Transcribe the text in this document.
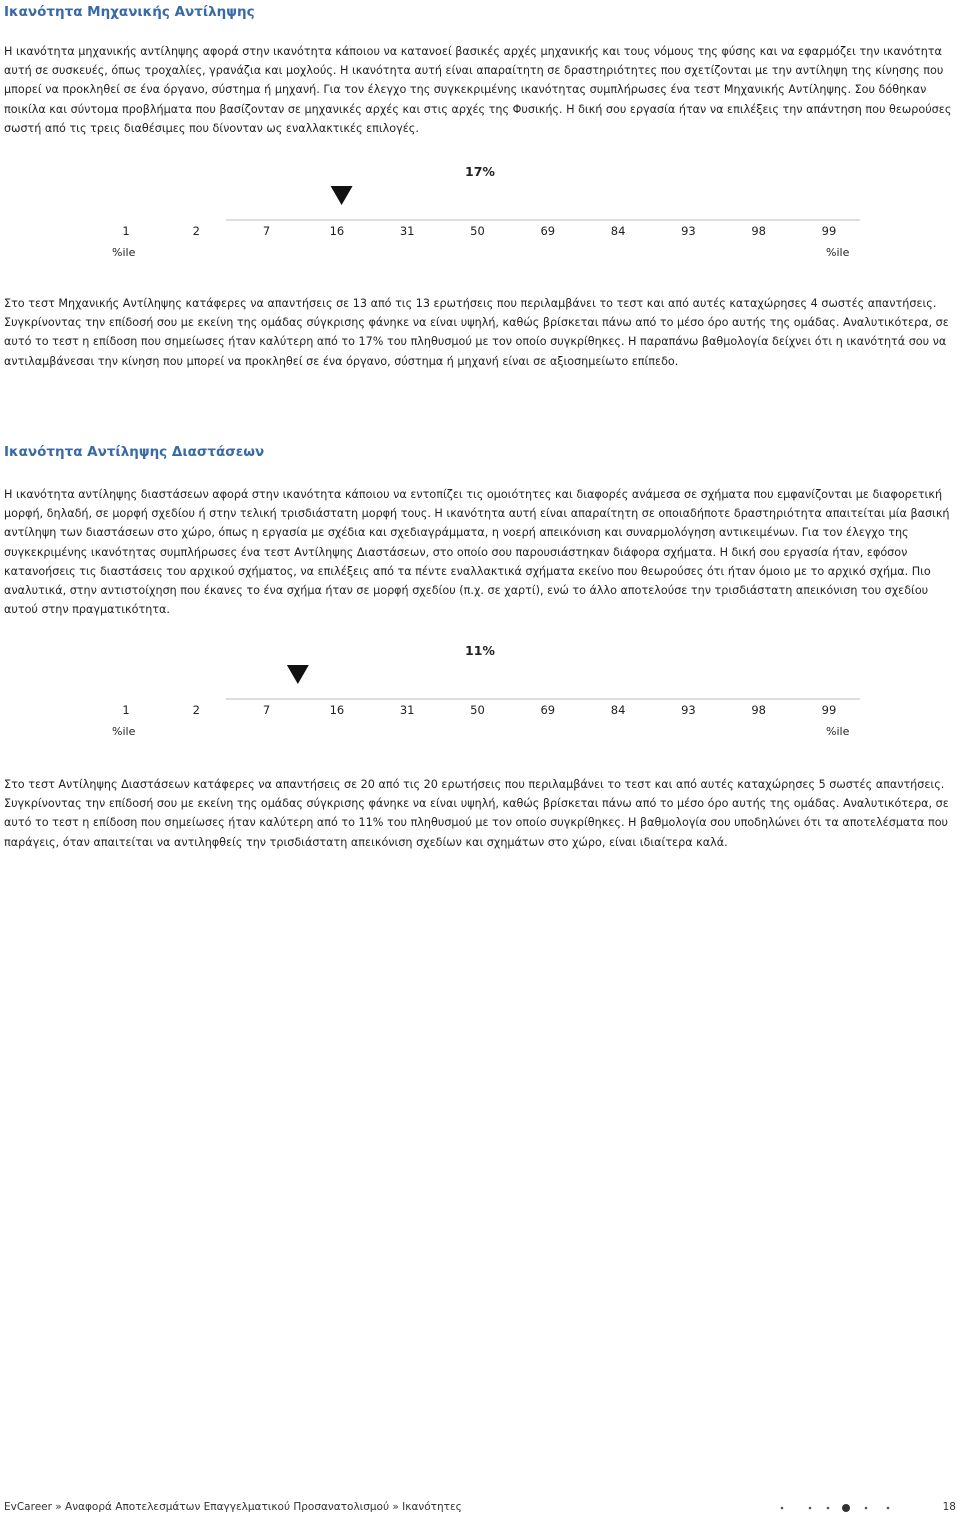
Ικανότητα Μηχανικής Αντίληψης

Η ικανότητα μηχανικής αντίληψης αφορά στην ικανότητα κάποιου να κατανοεί βασικές αρχές μηχανικής και τους νόμους της φύσης και να εφαρμόζει την ικανότητα αυτή σε συσκευές, όπως τροχαλίες, γρανάζια και μοχλούς. Η ικανότητα αυτή είναι απαραίτητη σε δραστηριότητες που σχετίζονται με την αντίληψη της κίνησης που μπορεί να προκληθεί σε ένα όργανο, σύστημα ή μηχανή. Για τον έλεγχο της συγκεκριμένης ικανότητας συμπλήρωσες ένα τεστ Μηχανικής Αντίληψης. Σου δόθηκαν ποικίλα και σύντομα προβλήματα που βασίζονταν σε μηχανικές αρχές και στις αρχές της Φυσικής. Η δική σου εργασία ήταν να επιλέξεις την απάντηση που θεωρούσες σωστή από τις τρεις διαθέσιμες που δίνονταν ως εναλλακτικές επιλογές.

17%
1	2	7	16	31	50	69	84	93	98	99
%ile	%ile

Στο τεστ Μηχανικής Αντίληψης κατάφερες να απαντήσεις σε 13 από τις 13 ερωτήσεις που περιλαμβάνει το τεστ και από αυτές καταχώρησες 4 σωστές απαντήσεις. Συγκρίνοντας την επίδοσή σου με εκείνη της ομάδας σύγκρισης φάνηκε να είναι υψηλή, καθώς βρίσκεται πάνω από το μέσο όρο αυτής της ομάδας. Αναλυτικότερα, σε αυτό το τεστ η επίδοση που σημείωσες ήταν καλύτερη από το 17% του πληθυσμού με τον οποίο συγκρίθηκες. Η παραπάνω βαθμολογία δείχνει ότι η ικανότητά σου να αντιλαμβάνεσαι την κίνηση που μπορεί να προκληθεί σε ένα όργανο, σύστημα ή μηχανή είναι σε αξιοσημείωτο επίπεδο.

Ικανότητα Αντίληψης Διαστάσεων

Η ικανότητα αντίληψης διαστάσεων αφορά στην ικανότητα κάποιου να εντοπίζει τις ομοιότητες και διαφορές ανάμεσα σε σχήματα που εμφανίζονται με διαφορετική μορφή, δηλαδή, σε μορφή σχεδίου ή στην τελική τρισδιάστατη μορφή τους. Η ικανότητα αυτή είναι απαραίτητη σε οποιαδήποτε δραστηριότητα απαιτείται μία βασική αντίληψη των διαστάσεων στο χώρο, όπως η εργασία με σχέδια και σχεδιαγράμματα, η νοερή απεικόνιση και συναρμολόγηση αντικειμένων. Για τον έλεγχο της συγκεκριμένης ικανότητας συμπλήρωσες ένα τεστ Αντίληψης Διαστάσεων, στο οποίο σου παρουσιάστηκαν διάφορα σχήματα. Η δική σου εργασία ήταν, εφόσον κατανοήσεις τις διαστάσεις του αρχικού σχήματος, να επιλέξεις από τα πέντε εναλλακτικά σχήματα εκείνο που θεωρούσες ότι ήταν όμοιο με το αρχικό σχήμα. Πιο αναλυτικά, στην αντιστοίχηση που έκανες το ένα σχήμα ήταν σε μορφή σχεδίου (π.χ. σε χαρτί), ενώ το άλλο αποτελούσε την τρισδιάστατη απεικόνιση του σχεδίου αυτού στην πραγματικότητα.

11%
1	2	7	16	31	50	69	84	93	98	99
%ile	%ile

Στο τεστ Αντίληψης Διαστάσεων κατάφερες να απαντήσεις σε 20 από τις 20 ερωτήσεις που περιλαμβάνει το τεστ και από αυτές καταχώρησες 5 σωστές απαντήσεις. Συγκρίνοντας την επίδοσή σου με εκείνη της ομάδας σύγκρισης φάνηκε να είναι υψηλή, καθώς βρίσκεται πάνω από το μέσο όρο αυτής της ομάδας. Αναλυτικότερα, σε αυτό το τεστ η επίδοση που σημείωσες ήταν καλύτερη από το 11% του πληθυσμού με τον οποίο συγκρίθηκες. Η βαθμολογία σου υποδηλώνει ότι τα αποτελέσματα που παράγεις, όταν απαιτείται να αντιληφθείς την τρισδιάστατη απεικόνιση σχεδίων και σχημάτων στο χώρο, είναι ιδιαίτερα καλά.

EvCareer » Αναφορά Αποτελεσμάτων Επαγγελματικού Προσανατολισμού » Ικανότητες	18
